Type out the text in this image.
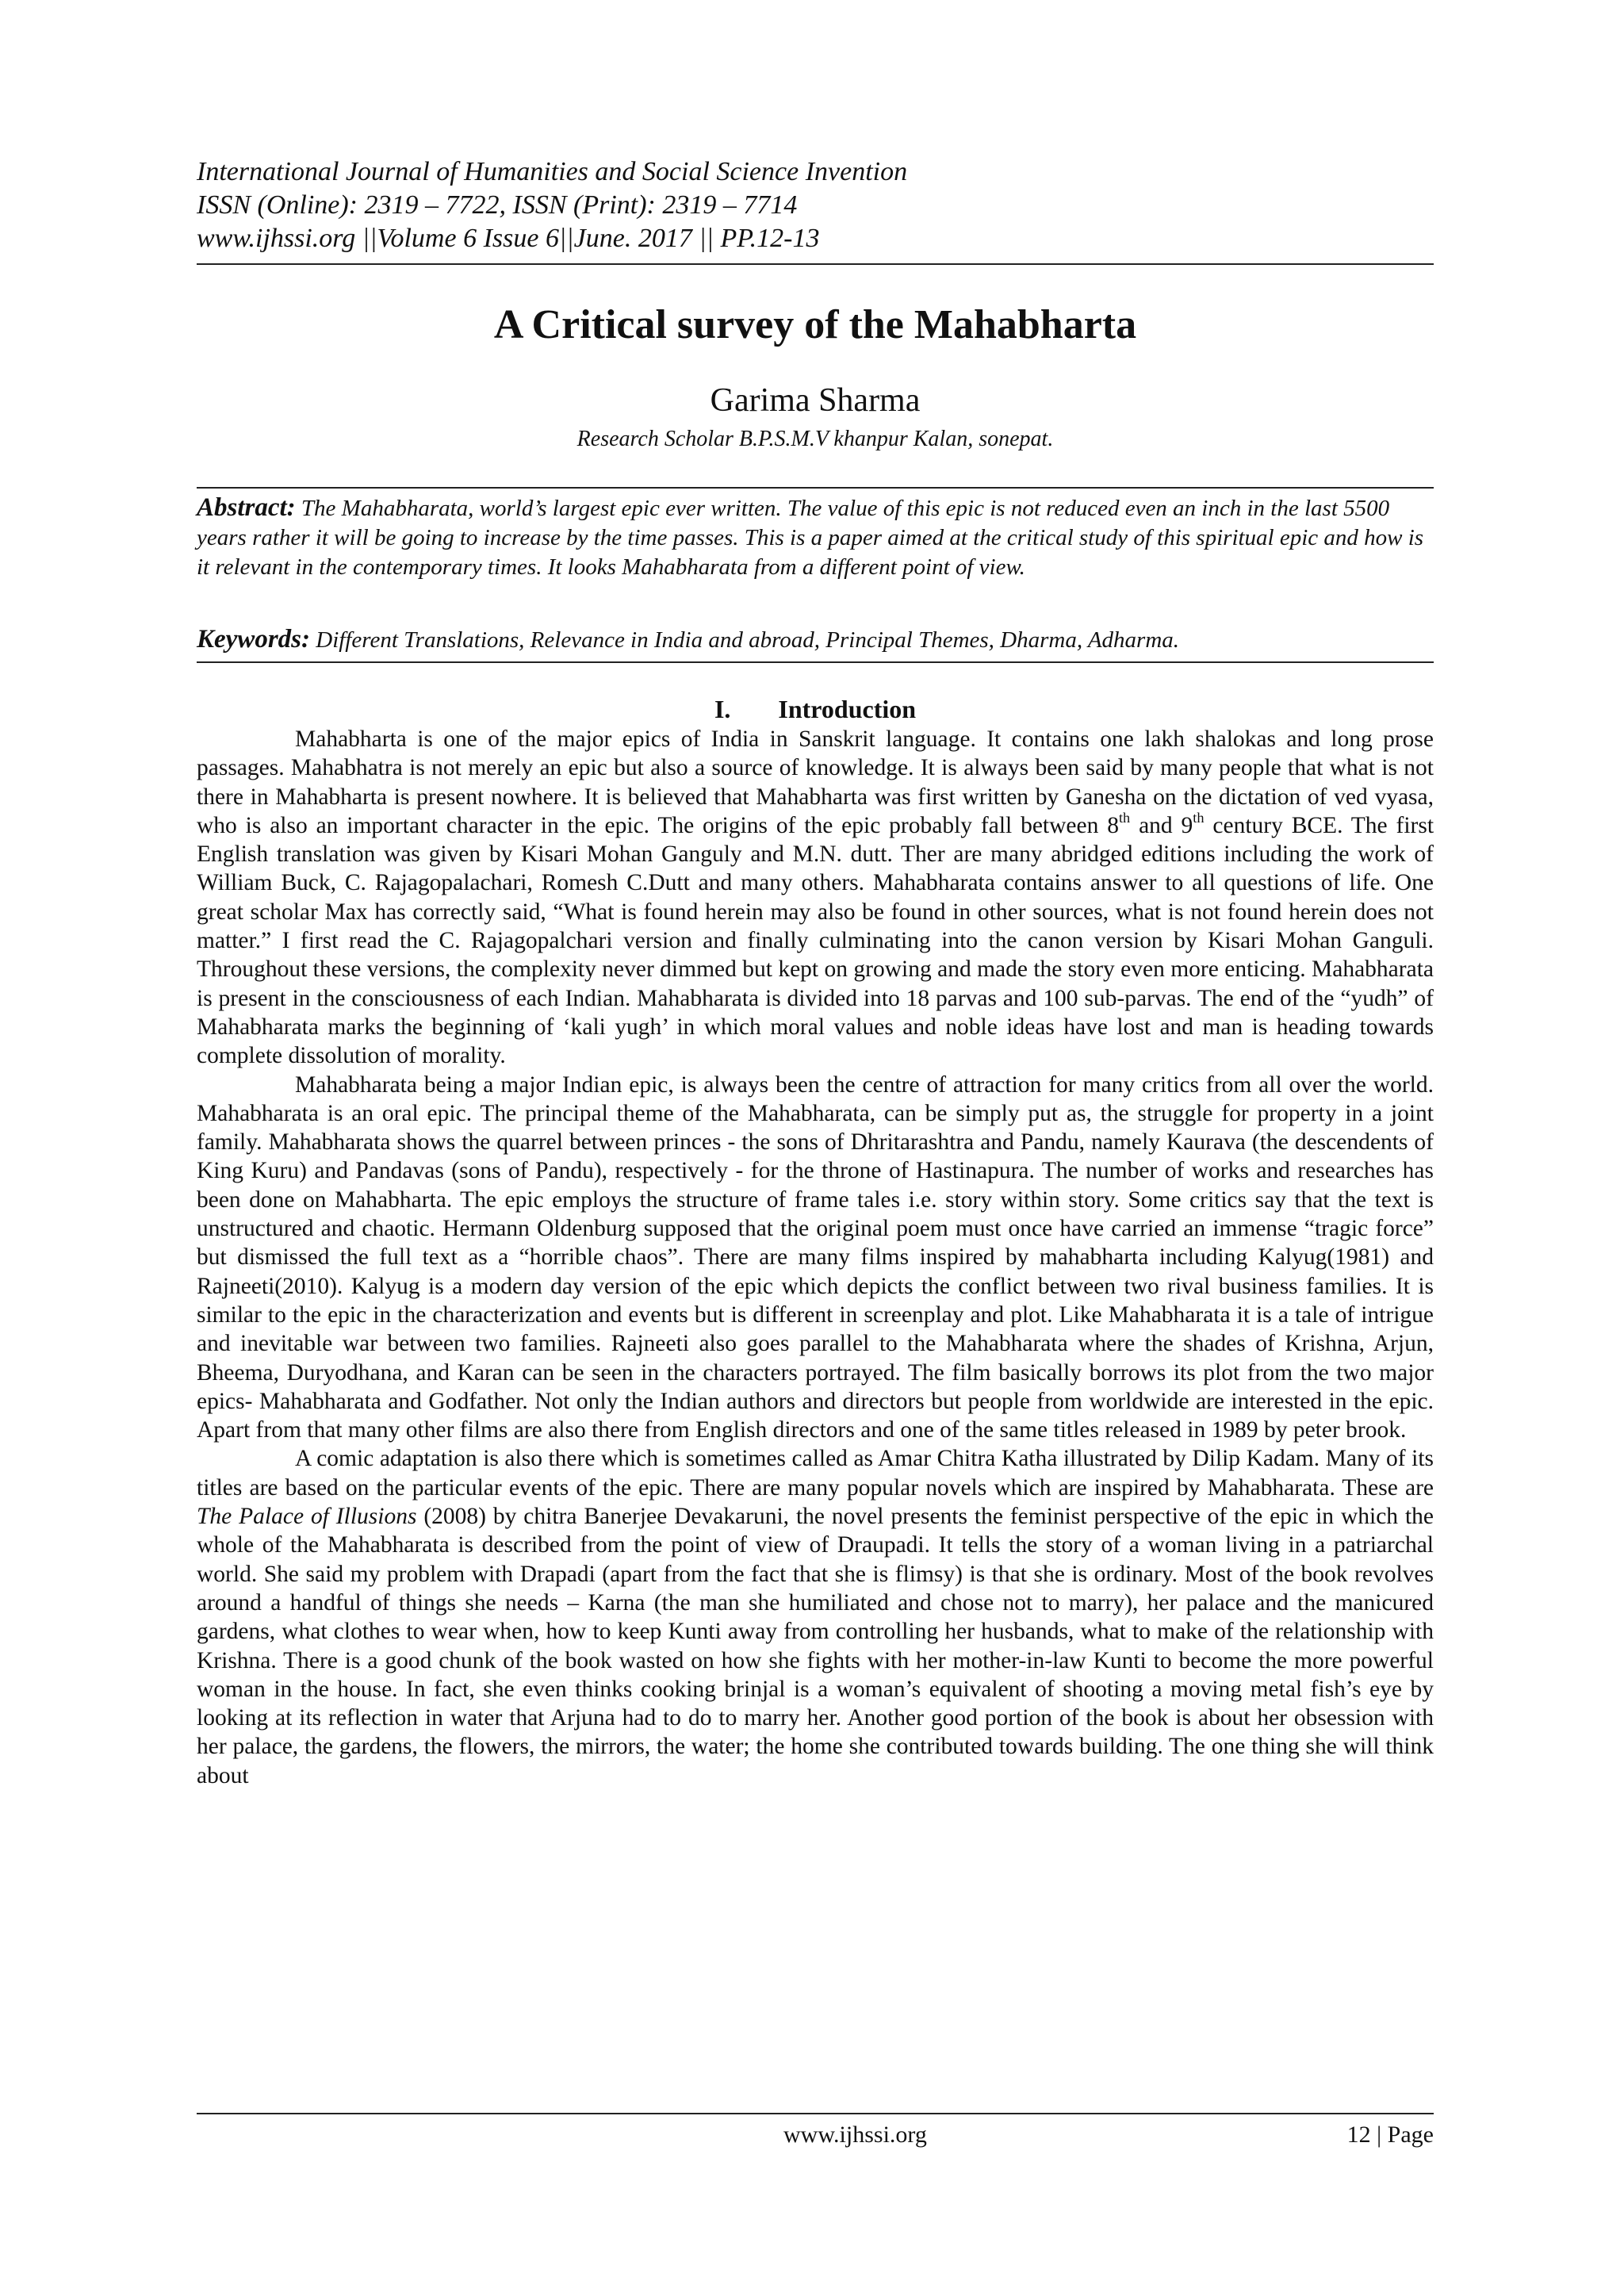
International Journal of Humanities and Social Science Invention
ISSN (Online): 2319 – 7722, ISSN (Print): 2319 – 7714
www.ijhssi.org ||Volume 6 Issue 6||June. 2017 || PP.12-13
A Critical survey of the Mahabharta
Garima Sharma
Research Scholar B.P.S.M.V khanpur Kalan, sonepat.
Abstract: The Mahabharata, world’s largest epic ever written. The value of this epic is not reduced even an inch in the last 5500 years rather it will be going to increase by the time passes. This is a paper aimed at the critical study of this spiritual epic and how is it relevant in the contemporary times. It looks Mahabharata from a different point of view.
Keywords: Different Translations, Relevance in India and abroad, Principal Themes, Dharma, Adharma.
I. Introduction

Mahabharta is one of the major epics of India in Sanskrit language. It contains one lakh shalokas and long prose passages. Mahabhatra is not merely an epic but also a source of knowledge. It is always been said by many people that what is not there in Mahabharta is present nowhere. It is believed that Mahabharta was first written by Ganesha on the dictation of ved vyasa, who is also an important character in the epic. The origins of the epic probably fall between 8th and 9th century BCE. The first English translation was given by Kisari Mohan Ganguly and M.N. dutt. Ther are many abridged editions including the work of William Buck, C. Rajagopalachari, Romesh C.Dutt and many others. Mahabharata contains answer to all questions of life. One great scholar Max has correctly said, “What is found herein may also be found in other sources, what is not found herein does not matter.” I first read the C. Rajagopalchari version and finally culminating into the canon version by Kisari Mohan Ganguli. Throughout these versions, the complexity never dimmed but kept on growing and made the story even more enticing. Mahabharata is present in the consciousness of each Indian. Mahabharata is divided into 18 parvas and 100 sub-parvas. The end of the “yudh” of Mahabharata marks the beginning of ‘kali yugh’ in which moral values and noble ideas have lost and man is heading towards complete dissolution of morality.

Mahabharata being a major Indian epic, is always been the centre of attraction for many critics from all over the world. Mahabharata is an oral epic. The principal theme of the Mahabharata, can be simply put as, the struggle for property in a joint family. Mahabharata shows the quarrel between princes - the sons of Dhritarashtra and Pandu, namely Kaurava (the descendents of King Kuru) and Pandavas (sons of Pandu), respectively - for the throne of Hastinapura. The number of works and researches has been done on Mahabharta. The epic employs the structure of frame tales i.e. story within story. Some critics say that the text is unstructured and chaotic. Hermann Oldenburg supposed that the original poem must once have carried an immense “tragic force” but dismissed the full text as a “horrible chaos”. There are many films inspired by mahabharta including Kalyug(1981) and Rajneeti(2010). Kalyug is a modern day version of the epic which depicts the conflict between two rival business families. It is similar to the epic in the characterization and events but is different in screenplay and plot. Like Mahabharata it is a tale of intrigue and inevitable war between two families. Rajneeti also goes parallel to the Mahabharata where the shades of Krishna, Arjun, Bheema, Duryodhana, and Karan can be seen in the characters portrayed. The film basically borrows its plot from the two major epics- Mahabharata and Godfather. Not only the Indian authors and directors but people from worldwide are interested in the epic. Apart from that many other films are also there from English directors and one of the same titles released in 1989 by peter brook.

A comic adaptation is also there which is sometimes called as Amar Chitra Katha illustrated by Dilip Kadam. Many of its titles are based on the particular events of the epic. There are many popular novels which are inspired by Mahabharata. These are The Palace of Illusions (2008) by chitra Banerjee Devakaruni, the novel presents the feminist perspective of the epic in which the whole of the Mahabharata is described from the point of view of Draupadi. It tells the story of a woman living in a patriarchal world. She said my problem with Drapadi (apart from the fact that she is flimsy) is that she is ordinary. Most of the book revolves around a handful of things she needs – Karna (the man she humiliated and chose not to marry), her palace and the manicured gardens, what clothes to wear when, how to keep Kunti away from controlling her husbands, what to make of the relationship with Krishna. There is a good chunk of the book wasted on how she fights with her mother-in-law Kunti to become the more powerful woman in the house. In fact, she even thinks cooking brinjal is a woman’s equivalent of shooting a moving metal fish’s eye by looking at its reflection in water that Arjuna had to do to marry her. Another good portion of the book is about her obsession with her palace, the gardens, the flowers, the mirrors, the water; the home she contributed towards building. The one thing she will think about

www.ijhssi.org	12 | Page
